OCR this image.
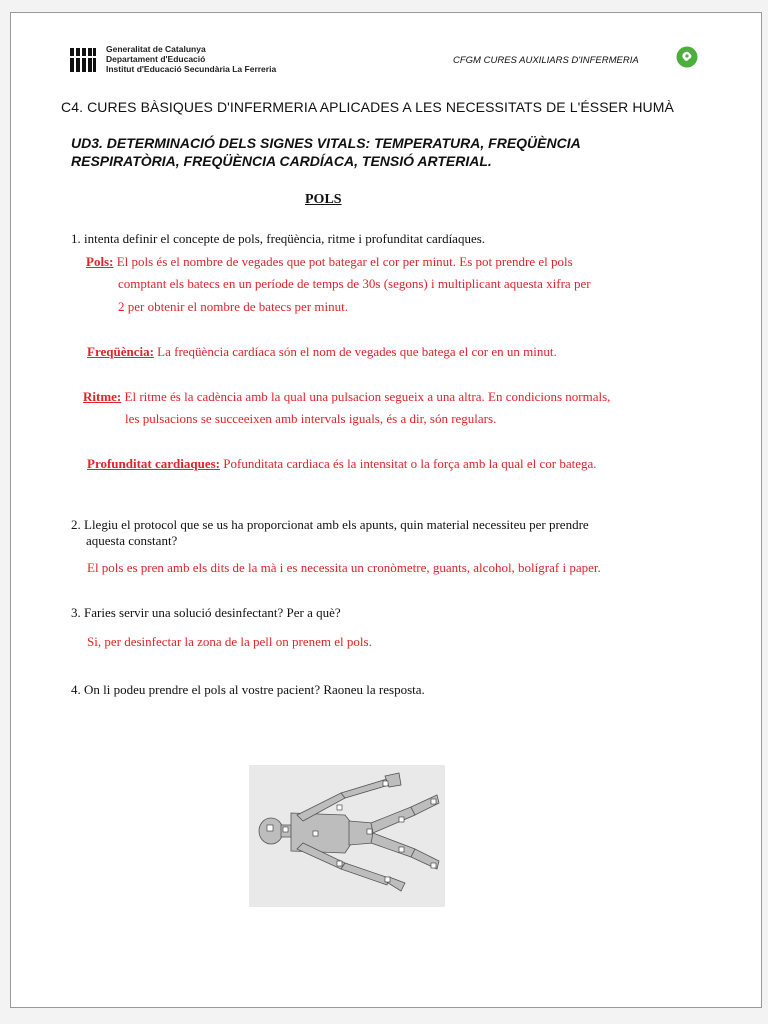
Generalitat de Catalunya
Departament d'Educació
Institut d'Educació Secundària La Ferreria
CFGM CURES AUXILIARS D'INFERMERIA
C4. CURES BÀSIQUES D'INFERMERIA APLICADES A LES NECESSITATS DE L'ÉSSER HUMÀ
UD3. DETERMINACIÓ DELS SIGNES VITALS: TEMPERATURA, FREQÜÈNCIA
RESPIRATÒRIA, FREQÜÈNCIA CARDÍACA, TENSIÓ ARTERIAL.
POLS
1. intenta definir el concepte de pols, freqüència, ritme i profunditat cardíaques.
Pols: El pols és el nombre de vegades que pot bategar el cor per minut. Es pot prendre el pols
comptant els batecs en un període de temps de 30s (segons) i multiplicant aquesta xifra per
2 per obtenir el nombre de batecs per minut.
Freqüència: La freqüència cardíaca són el nom de vegades que batega el cor en un minut.
Ritme: El ritme és la cadència amb la qual una pulsacion segueix a una altra. En condicions normals,
les pulsacions se succeeixen amb intervals iguals, és a dir, són regulars.
Profunditat cardiaques: Pofunditata cardiaca és la intensitat o la força amb la qual el cor batega.
2. Llegiu el protocol que se us ha proporcionat amb els apunts, quin material necessiteu per prendre
aquesta constant?
El pols es pren amb els dits de la mà i es necessita un cronòmetre, guants, alcohol, bolígraf i paper.
3. Faries servir una solució desinfectant? Per a què?
Si, per desinfectar la zona de la pell on prenem el pols.
4. On li podeu prendre el pols al vostre pacient? Raoneu la resposta.
